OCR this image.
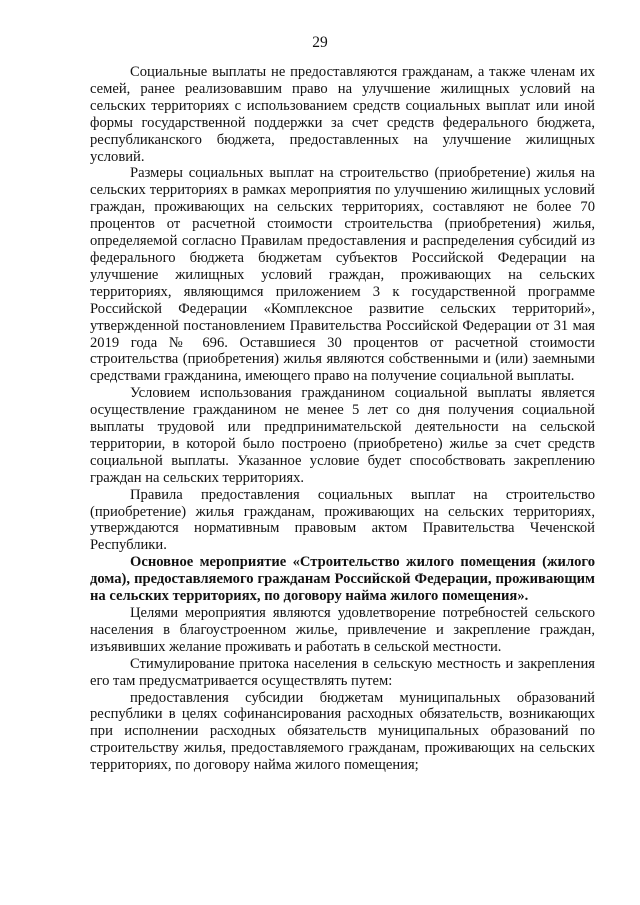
29

Социальные выплаты не предоставляются гражданам, а также членам их семей, ранее реализовавшим право на улучшение жилищных условий на сельских территориях с использованием средств социальных выплат или иной формы государственной поддержки за счет средств федерального бюджета, республиканского бюджета, предоставленных на улучшение жилищных условий.

Размеры социальных выплат на строительство (приобретение) жилья на сельских территориях в рамках мероприятия по улучшению жилищных условий граждан, проживающих на сельских территориях, составляют не более 70 процентов от расчетной стоимости строительства (приобретения) жилья, определяемой согласно Правилам предоставления и распределения субсидий из федерального бюджета бюджетам субъектов Российской Федерации на улучшение жилищных условий граждан, проживающих на сельских территориях, являющимся приложением 3 к государственной программе Российской Федерации «Комплексное развитие сельских территорий», утвержденной постановлением Правительства Российской Федерации от 31 мая 2019 года № 696. Оставшиеся 30 процентов от расчетной стоимости строительства (приобретения) жилья являются собственными и (или) заемными средствами гражданина, имеющего право на получение социальной выплаты.

Условием использования гражданином социальной выплаты является осуществление гражданином не менее 5 лет со дня получения социальной выплаты трудовой или предпринимательской деятельности на сельской территории, в которой было построено (приобретено) жилье за счет средств социальной выплаты. Указанное условие будет способствовать закреплению граждан на сельских территориях.

Правила предоставления социальных выплат на строительство (приобретение) жилья гражданам, проживающих на сельских территориях, утверждаются нормативным правовым актом Правительства Чеченской Республики.

Основное мероприятие «Строительство жилого помещения (жилого дома), предоставляемого гражданам Российской Федерации, проживающим на сельских территориях, по договору найма жилого помещения».

Целями мероприятия являются удовлетворение потребностей сельского населения в благоустроенном жилье, привлечение и закрепление граждан, изъявивших желание проживать и работать в сельской местности.

Стимулирование притока населения в сельскую местность и закрепления его там предусматривается осуществлять путем:

предоставления субсидии бюджетам муниципальных образований республики в целях софинансирования расходных обязательств, возникающих при исполнении расходных обязательств муниципальных образований по строительству жилья, предоставляемого гражданам, проживающих на сельских территориях, по договору найма жилого помещения;
